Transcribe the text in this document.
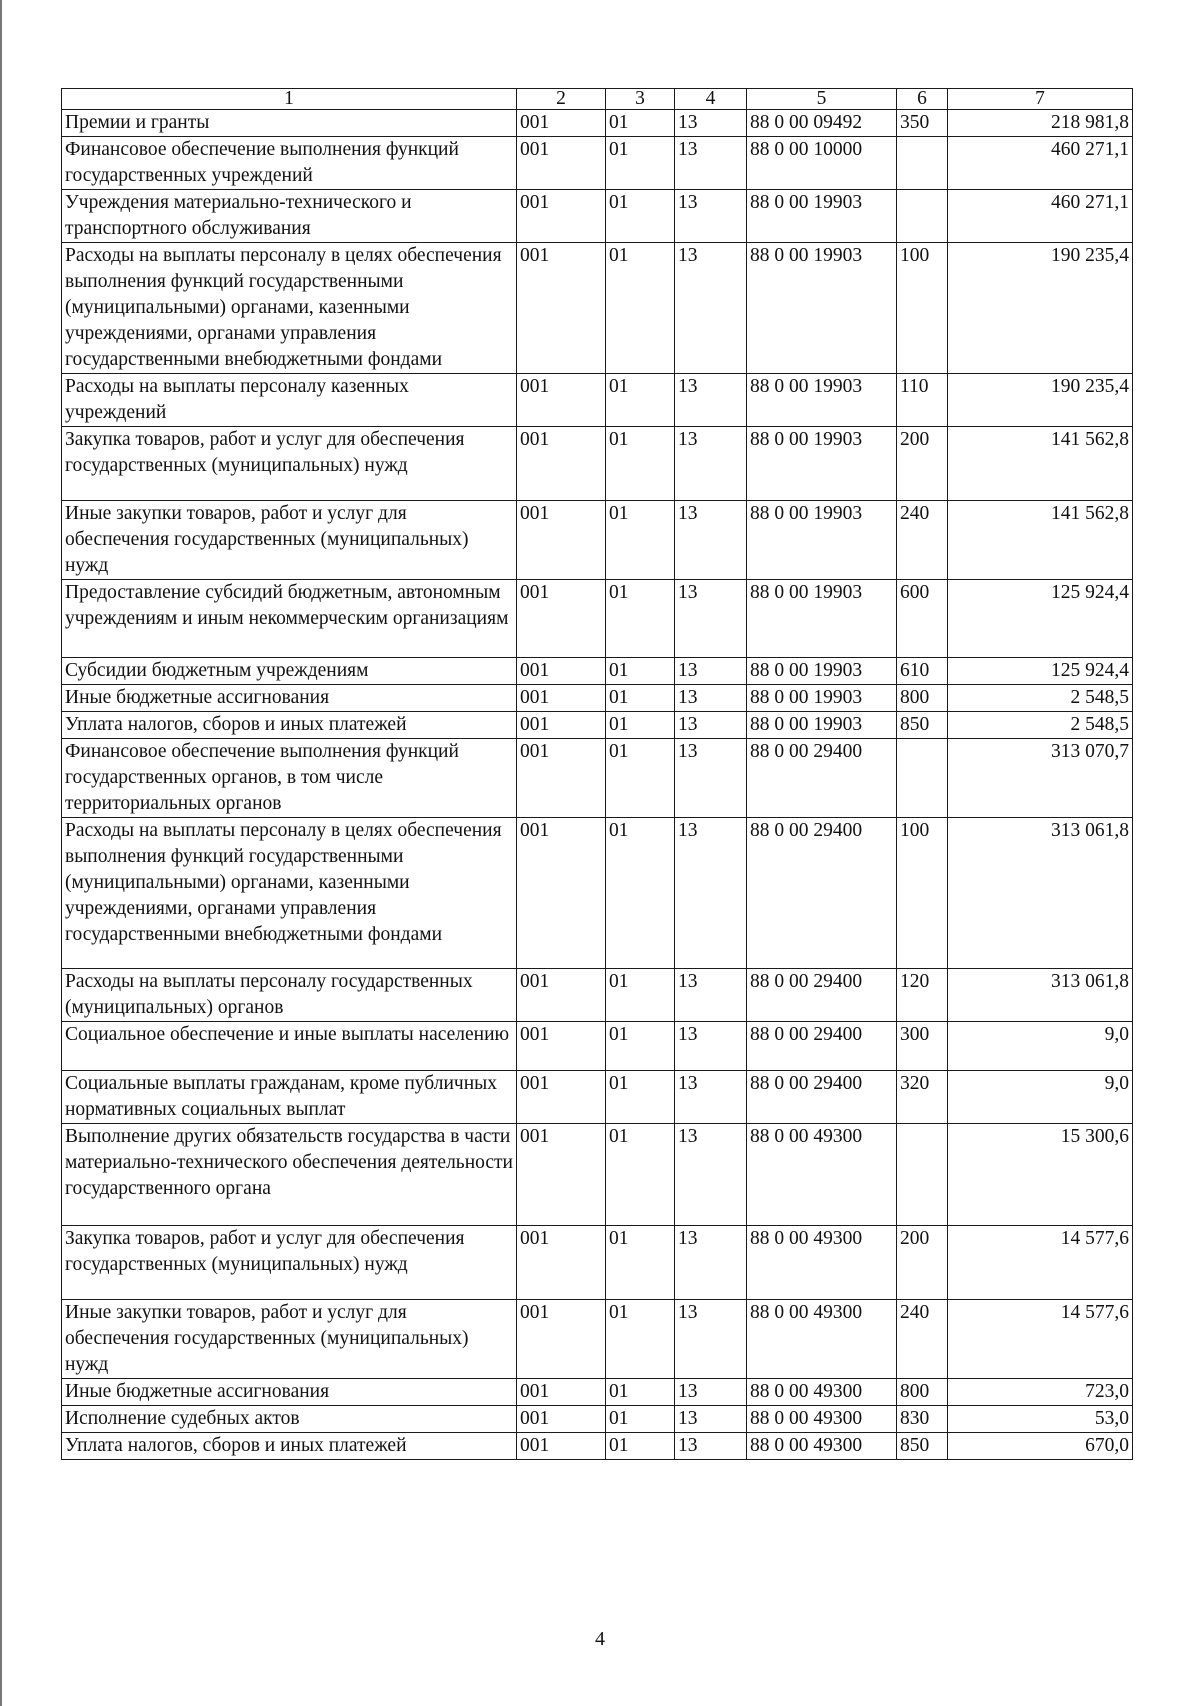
1	2	3	4	5	6	7
Премии и гранты	001	01	13	88 0 00 09492	350	218 981,8
Финансовое обеспечение выполнения функций государственных учреждений	001	01	13	88 0 00 10000		460 271,1
Учреждения материально-технического и транспортного обслуживания	001	01	13	88 0 00 19903		460 271,1
Расходы на выплаты персоналу в целях обеспечения выполнения функций государственными (муниципальными) органами, казенными учреждениями, органами управления государственными внебюджетными фондами	001	01	13	88 0 00 19903	100	190 235,4
Расходы на выплаты персоналу казенных учреждений	001	01	13	88 0 00 19903	110	190 235,4
Закупка товаров, работ и услуг для обеспечения государственных (муниципальных) нужд	001	01	13	88 0 00 19903	200	141 562,8
Иные закупки товаров, работ и услуг для обеспечения государственных (муниципальных) нужд	001	01	13	88 0 00 19903	240	141 562,8
Предоставление субсидий бюджетным, автономным учреждениям и иным некоммерческим организациям	001	01	13	88 0 00 19903	600	125 924,4
Субсидии бюджетным учреждениям	001	01	13	88 0 00 19903	610	125 924,4
Иные бюджетные ассигнования	001	01	13	88 0 00 19903	800	2 548,5
Уплата налогов, сборов и иных платежей	001	01	13	88 0 00 19903	850	2 548,5
Финансовое обеспечение выполнения функций государственных органов, в том числе территориальных органов	001	01	13	88 0 00 29400		313 070,7
Расходы на выплаты персоналу в целях обеспечения выполнения функций государственными (муниципальными) органами, казенными учреждениями, органами управления государственными внебюджетными фондами	001	01	13	88 0 00 29400	100	313 061,8
Расходы на выплаты персоналу государственных (муниципальных) органов	001	01	13	88 0 00 29400	120	313 061,8
Социальное обеспечение и иные выплаты населению	001	01	13	88 0 00 29400	300	9,0
Социальные выплаты гражданам, кроме публичных нормативных социальных выплат	001	01	13	88 0 00 29400	320	9,0
Выполнение других обязательств государства в части материально-технического обеспечения деятельности государственного органа	001	01	13	88 0 00 49300		15 300,6
Закупка товаров, работ и услуг для обеспечения государственных (муниципальных) нужд	001	01	13	88 0 00 49300	200	14 577,6
Иные закупки товаров, работ и услуг для обеспечения государственных (муниципальных) нужд	001	01	13	88 0 00 49300	240	14 577,6
Иные бюджетные ассигнования	001	01	13	88 0 00 49300	800	723,0
Исполнение судебных актов	001	01	13	88 0 00 49300	830	53,0
Уплата налогов, сборов и иных платежей	001	01	13	88 0 00 49300	850	670,0
4
